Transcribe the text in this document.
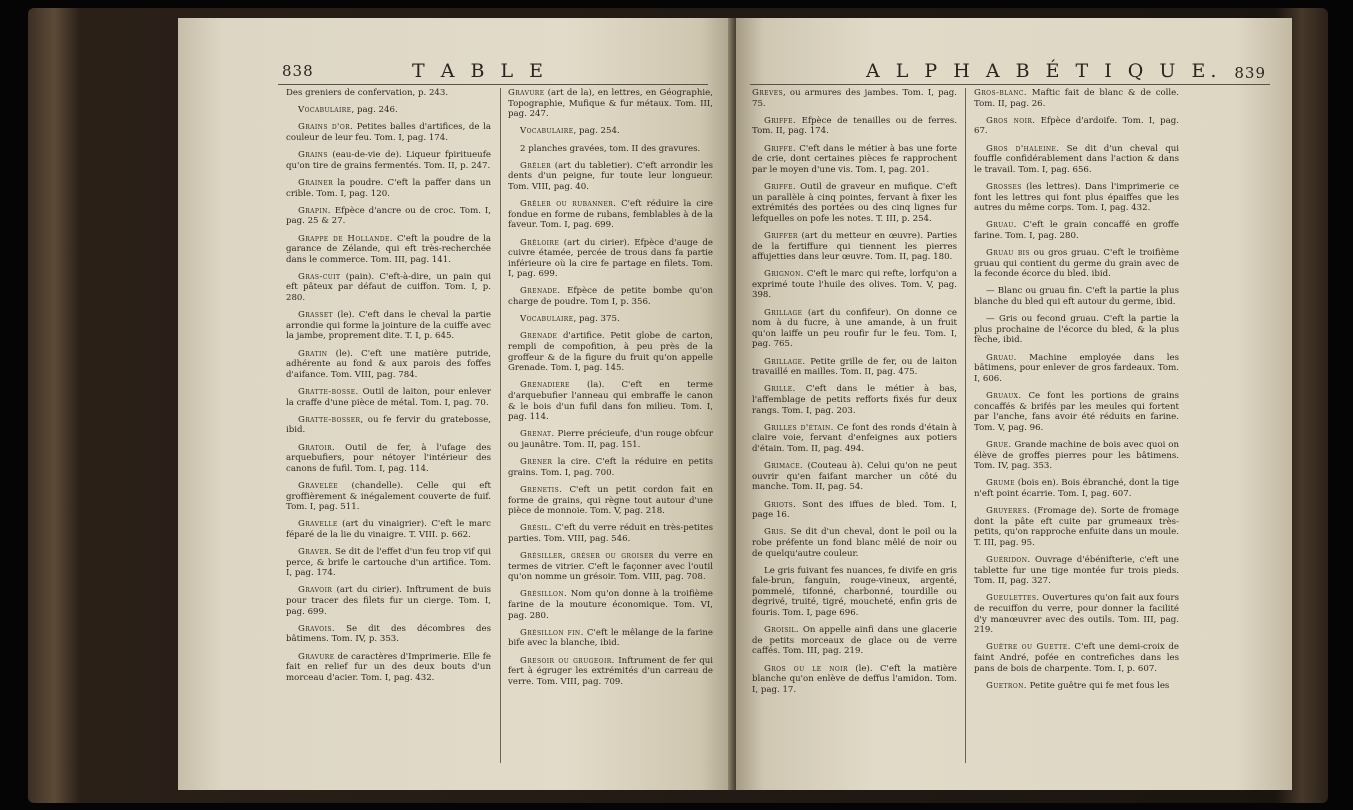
838	T A B L E

Des greniers de confervation, p. 243.

Vocabulaire, pag. 246.

Grains d'or. Petites balles d'artifices, de la couleur de leur feu. Tom. I, pag. 174.

Grains (eau-de-vie de). Liqueur fpiritueufe qu'on tire de grains fermentés. Tom. II, p. 247.

Grainer la poudre. C'eft la paffer dans un crible. Tom. I, pag. 120.

Grapin. Efpèce d'ancre ou de croc. Tom. I, pag. 25 & 27.

Grappe de Hollande. C'eft la poudre de la garance de Zélande, qui eft très-recherchée dans le commerce. Tom. III, pag. 141.

Gras-cuit (pain). C'eft-à-dire, un pain qui eft pâteux par défaut de cuiffon. Tom. I, p. 280.

Grasset (le). C'eft dans le cheval la partie arrondie qui forme la jointure de la cuiffe avec la jambe, proprement dite. T. I, p. 645.

Gratin (le). C'eft une matière putride, adhérente au fond & aux parois des foffes d'aifance. Tom. VIII, pag. 784.

Gratte-bosse. Outil de laiton, pour enlever la craffe d'une pièce de métal. Tom. I, pag. 70.

Gratte-bosser, ou fe fervir du gratebosse, ibid.

Gratoir. Outil de fer, à l'ufage des arquebufiers, pour nétoyer l'intérieur des canons de fufil. Tom. I, pag. 114.

Gravelée (chandelle). Celle qui eft groffièrement & inégalement couverte de fuif. Tom. I, pag. 511.

Gravelle (art du vinaigrier). C'eft le marc féparé de la lie du vinaigre. T. VIII. p. 662.

Graver. Se dit de l'effet d'un feu trop vif qui perce, & brife le cartouche d'un artifice. Tom. I, pag. 174.

Gravoir (art du cirier). Inftrument de buis pour tracer des filets fur un cierge. Tom. I, pag. 699.

Gravois. Se dit des décombres des bâtimens. Tom. IV, p. 353.

Gravure de caractères d'Imprimerie. Elle fe fait en relief fur un des deux bouts d'un morceau d'acier. Tom. I, pag. 432.

Gravure (art de la), en lettres, en Géographie, Topographie, Mufique & fur métaux. Tom. III, pag. 247.

Vocabulaire, pag. 254.

2 planches gravées, tom. II des gravures.

Grêler (art du tabletier). C'eft arrondir les dents d'un peigne, fur toute leur longueur. Tom. VIII, pag. 40.

Grêler ou rubanner. C'eft réduire la cire fondue en forme de rubans, femblables à de la faveur. Tom. I, pag. 699.

Grêloire (art du cirier). Efpèce d'auge de cuivre étamée, percée de trous dans fa partie inférieure où la cire fe partage en filets. Tom. I, pag. 699.

Grenade. Efpèce de petite bombe qu'on charge de poudre. Tom I, p. 356.

Vocabulaire, pag. 375.

Grenade d'artifice. Petit globe de carton, rempli de compofition, à peu près de la groffeur & de la figure du fruit qu'on appelle Grenade. Tom. I, pag. 145.

Grenadiere (la). C'eft en terme d'arquebufier l'anneau qui embraffe le canon & le bois d'un fufil dans fon milieu. Tom. I, pag. 114.

Grenat. Pierre précieufe, d'un rouge obfcur ou jaunâtre. Tom. II, pag. 151.

Grener la cire. C'eft la réduire en petits grains. Tom. I, pag. 700.

Grenetis. C'eft un petit cordon fait en forme de grains, qui règne tout autour d'une pièce de monnoie. Tom. V, pag. 218.

Grésil. C'eft du verre réduit en très-petites parties. Tom. VIII, pag. 546.

Grésiller, gréser ou groiser du verre en termes de vitrier. C'eft le façonner avec l'outil qu'on nomme un grésoir. Tom. VIII, pag. 708.

Grésillon. Nom qu'on donne à la troifième farine de la mouture économique. Tom. VI, pag. 280.

Grésillon fin. C'eft le mêlange de la farine bife avec la blanche, ibid.

Gresoir ou grugeoir. Inftrument de fer qui fert à égruger les extrémités d'un carreau de verre. Tom. VIII, pag. 709.

A L P H A B É T I Q U E. 839

Greves, ou armures des jambes. Tom. I, pag. 75.

Griffe. Efpèce de tenailles ou de ferres. Tom. II, pag. 174.

Griffe. C'eft dans le métier à bas une forte de crie, dont certaines pièces fe rapprochent par le moyen d'une vis. Tom. I, pag. 201.

Griffe. Outil de graveur en mufique. C'eft un parallèle à cinq pointes, fervant à fixer les extrémités des portées ou des cinq lignes fur lefquelles on pofe les notes. T. III, p. 254.

Griffer (art du metteur en œuvre). Parties de la fertiffure qui tiennent les pierres affujetties dans leur œuvre. Tom. II, pag. 180.

Grignon. C'eft le marc qui refte, lorfqu'on a exprimé toute l'huile des olives. Tom. V, pag. 398.

Grillage (art du confifeur). On donne ce nom à du fucre, à une amande, à un fruit qu'on laiffe un peu roufir fur le feu. Tom. I, pag. 765.

Grillage. Petite grille de fer, ou de laiton travaillé en mailles. Tom. II, pag. 475.

Grille. C'eft dans le métier à bas, l'affemblage de petits refforts fixés fur deux rangs. Tom. I, pag. 203.

Grilles d'étain. Ce font des ronds d'étain à claire voie, fervant d'enfeignes aux potiers d'étain. Tom. II, pag. 494.

Grimace. (Couteau à). Celui qu'on ne peut ouvrir qu'en faifant marcher un côté du manche. Tom. II, pag. 54.

Griots. Sont des iffues de bled. Tom. I, page 16.

Gris. Se dit d'un cheval, dont le poil ou la robe préfente un fond blanc mêlé de noir ou de quelqu'autre couleur.

Le gris fuivant fes nuances, fe divife en gris fale-brun, fanguin, rouge-vineux, argenté, pommelé, tifonné, charbonné, tourdille ou degrivé, truité, tigré, moucheté, enfin gris de fouris. Tom. I, page 696.

Groisil. On appelle ainfi dans une glacerie de petits morceaux de glace ou de verre caffés. Tom. III, pag. 219.

Gros ou le noir (le). C'eft la matière blanche qu'on enlève de deffus l'amidon. Tom. I, pag. 17.

Gros-blanc. Maftic fait de blanc & de colle. Tom. II, pag. 26.

Gros noir. Efpèce d'ardoife. Tom. I, pag. 67.

Gros d'haleine. Se dit d'un cheval qui fouffle confidérablement dans l'action & dans le travail. Tom. I, pag. 656.

Grosses (les lettres). Dans l'imprimerie ce font les lettres qui font plus épaiffes que les autres du même corps. Tom. I, pag. 432.

Gruau. C'eft le grain concaffé en groffe farine. Tom. I, pag. 280.

Gruau bis ou gros gruau. C'eft le troifième gruau qui contient du germe du grain avec de la feconde écorce du bled. ibid.

— Blanc ou gruau fin. C'eft la partie la plus blanche du bled qui eft autour du germe, ibid.

— Gris ou fecond gruau. C'eft la partie la plus prochaine de l'écorce du bled, & la plus fèche, ibid.

Gruau. Machine employée dans les bâtimens, pour enlever de gros fardeaux. Tom. I, 606.

Gruaux. Ce font les portions de grains concaffés & brifés par les meules qui fortent par l'anche, fans avoir été réduits en farine. Tom. V, pag. 96.

Grue. Grande machine de bois avec quoi on élève de groffes pierres pour les bâtimens. Tom. IV, pag. 353.

Grume (bois en). Bois ébranché, dont la tige n'eft point écarrie. Tom. I, pag. 607.

Gruyeres. (Fromage de). Sorte de fromage dont la pâte eft cuite par grumeaux très-petits, qu'on rapproche enfuite dans un moule. T. III, pag. 95.

Guéridon. Ouvrage d'ébénifterie, c'eft une tablette fur une tige montée fur trois pieds. Tom. II, pag. 327.

Gueulettes. Ouvertures qu'on fait aux fours de recuiffon du verre, pour donner la facilité d'y manœuvrer avec des outils. Tom. III, pag. 219.

Guêtre ou Guette. C'eft une demi-croix de faint André, pofée en contrefiches dans les pans de bois de charpente. Tom. I, p. 607.

Guetron. Petite guêtre qui fe met fous les
